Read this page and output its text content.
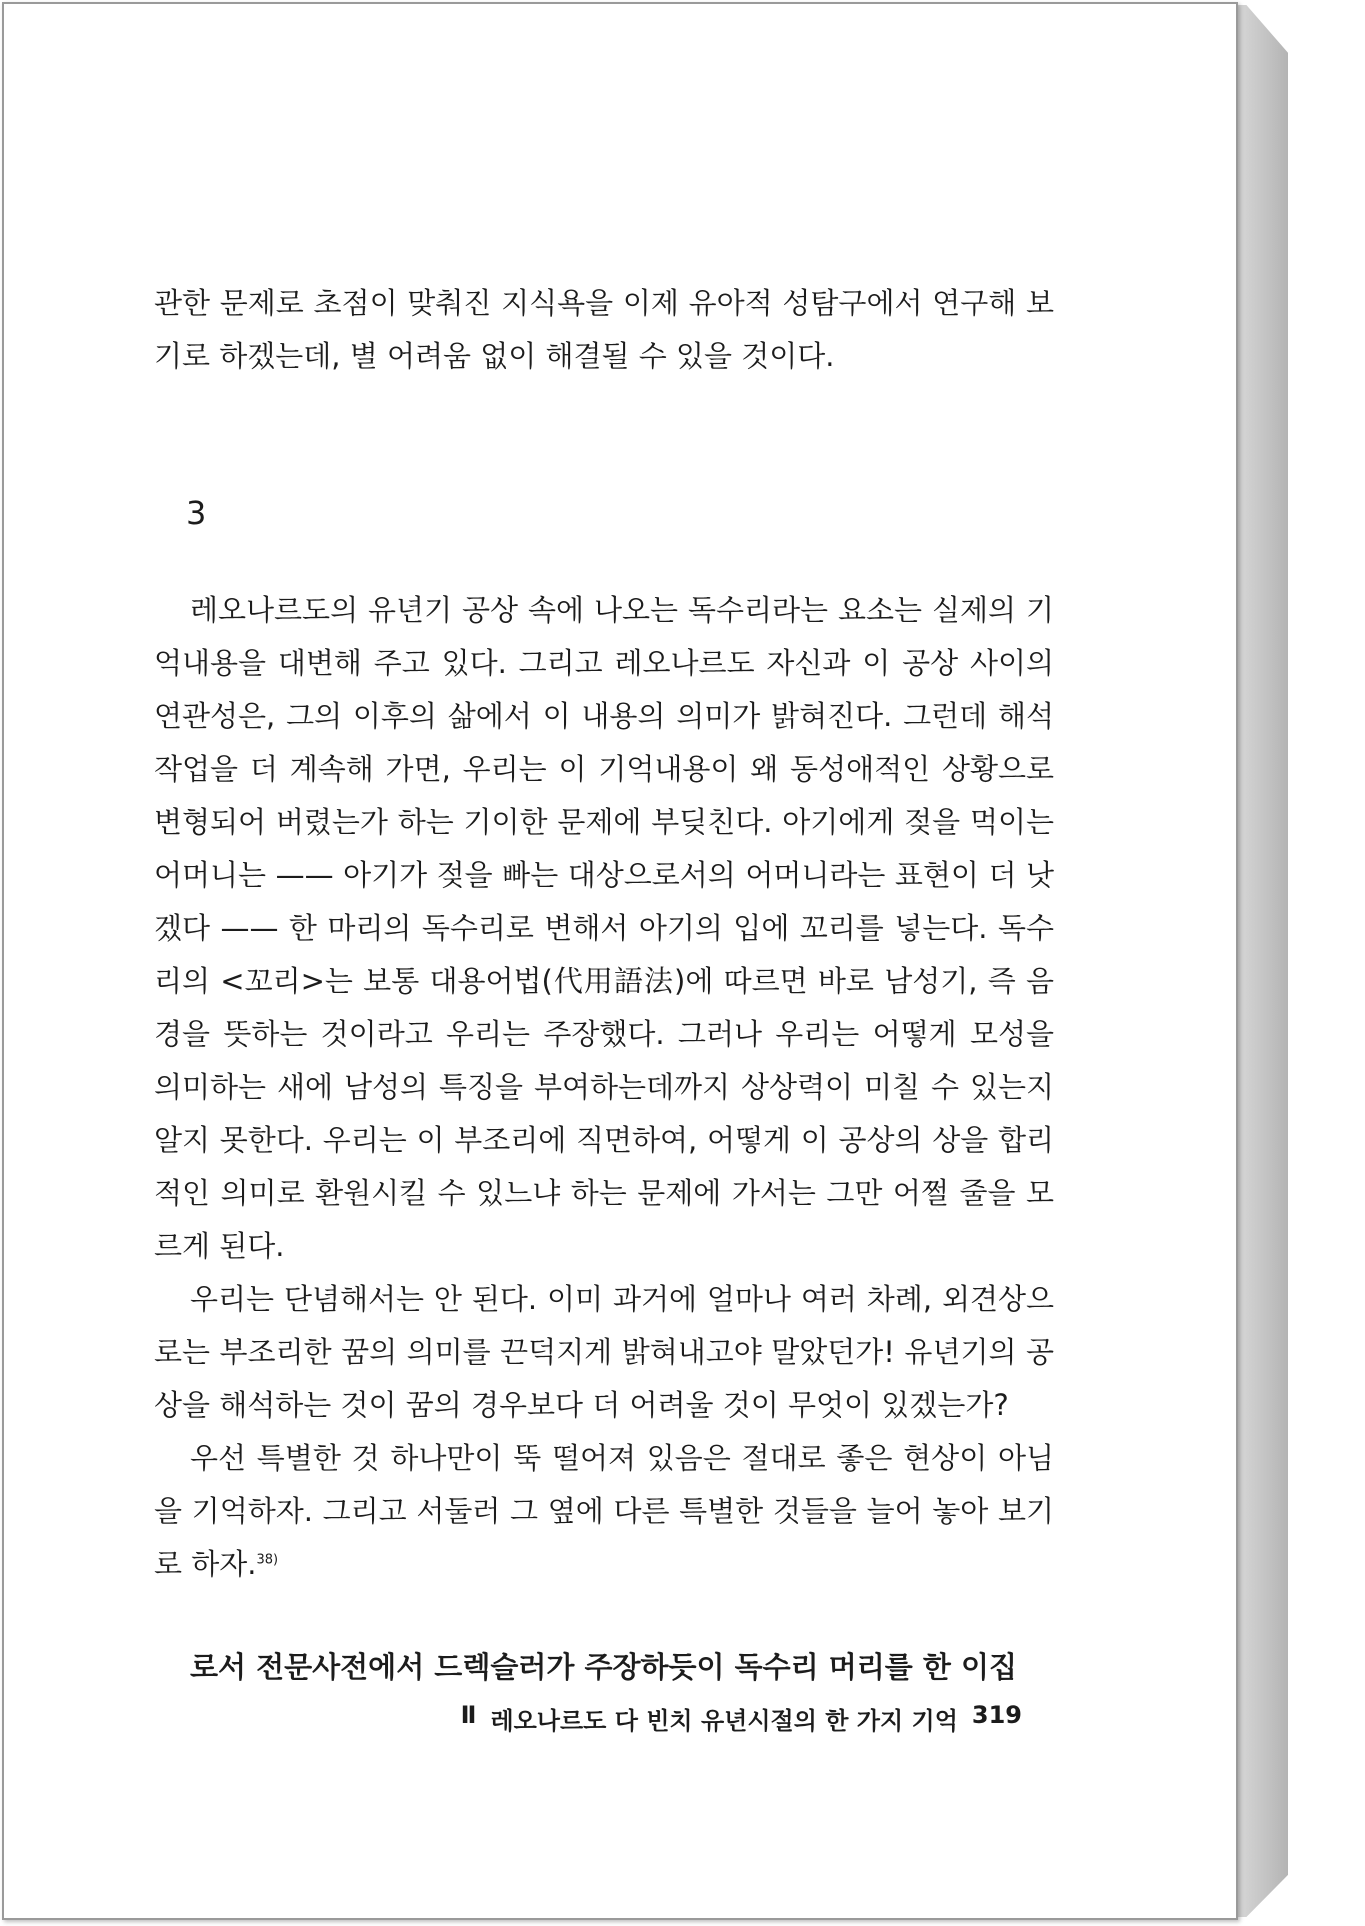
관한 문제로 초점이 맞춰진 지식욕을 이제 유아적 성탐구에서 연구해 보기로 하겠는데, 별 어려움 없이 해결될 수 있을 것이다.

3

레오나르도의 유년기 공상 속에 나오는 독수리라는 요소는 실제의 기억내용을 대변해 주고 있다. 그리고 레오나르도 자신과 이 공상 사이의 연관성은, 그의 이후의 삶에서 이 내용의 의미가 밝혀진다. 그런데 해석작업을 더 계속해 가면, 우리는 이 기억내용이 왜 동성애적인 상황으로 변형되어 버렸는가 하는 기이한 문제에 부딪친다. 아기에게 젖을 먹이는 어머니는 —— 아기가 젖을 빠는 대상으로서의 어머니라는 표현이 더 낫겠다 —— 한 마리의 독수리로 변해서 아기의 입에 꼬리를 넣는다. 독수리의 <꼬리>는 보통 대용어법(代用語法)에 따르면 바로 남성기, 즉 음경을 뜻하는 것이라고 우리는 주장했다. 그러나 우리는 어떻게 모성을 의미하는 새에 남성의 특징을 부여하는데까지 상상력이 미칠 수 있는지 알지 못한다. 우리는 이 부조리에 직면하여, 어떻게 이 공상의 상을 합리적인 의미로 환원시킬 수 있느냐 하는 문제에 가서는 그만 어쩔 줄을 모르게 된다.

우리는 단념해서는 안 된다. 이미 과거에 얼마나 여러 차례, 외견상으로는 부조리한 꿈의 의미를 끈덕지게 밝혀내고야 말았던가! 유년기의 공상을 해석하는 것이 꿈의 경우보다 더 어려울 것이 무엇이 있겠는가?

우선 특별한 것 하나만이 뚝 떨어져 있음은 절대로 좋은 현상이 아님을 기억하자. 그리고 서둘러 그 옆에 다른 특별한 것들을 늘어 놓아 보기로 하자.$^{38)}$

로서 전문사전에서 드렉슬러가 주장하듯이 독수리 머리를 한 이집
Ⅱ 레오나르도 다 빈치 유년시절의 한 가지 기억 319
